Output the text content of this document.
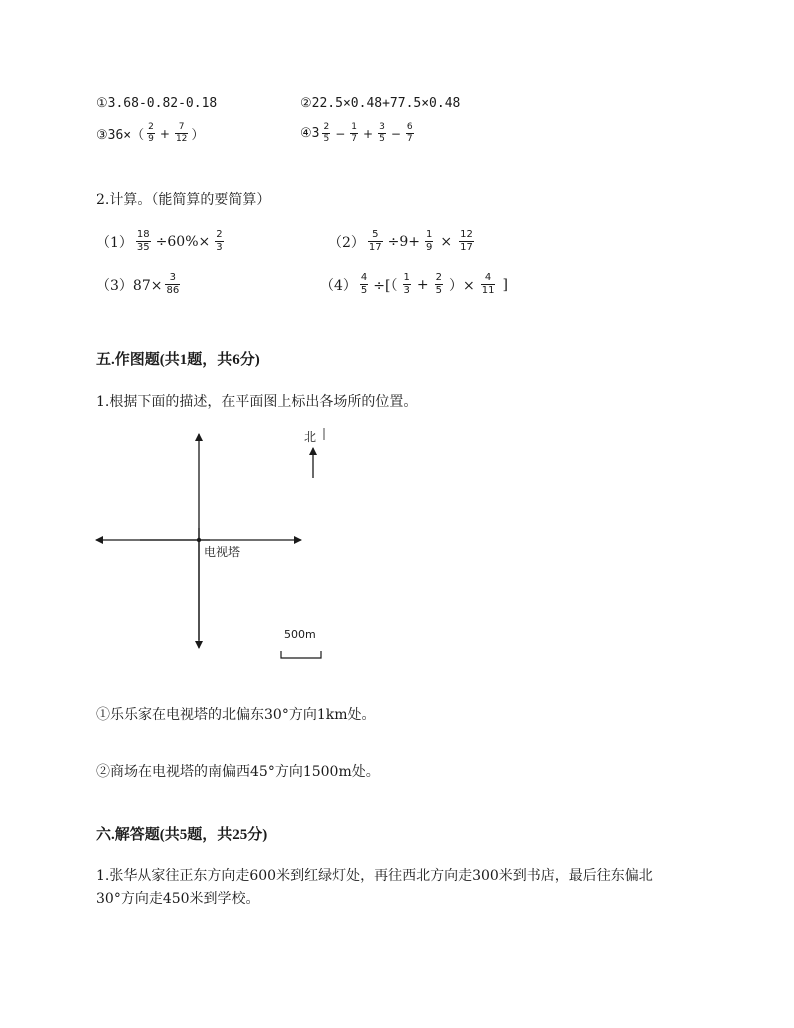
①3.68-0.82-0.18	②22.5×0.48+77.5×0.48
③36×（ $\frac{2}{9} + \frac{7}{12}$ ）	④3 $\frac{2}{5} - \frac{1}{7} + \frac{3}{5} - \frac{6}{7}$
2.计算。（能简算的要简算）
$(1) \frac{18}{35} \div 60\%\times \frac{2}{3}$	$(2) \frac{5}{17} \div 9+ \frac{1}{9} \times \frac{12}{17}$
$(3)87\times \frac{3}{86}$	$(4) \frac{4}{5}$ ÷[（ $\frac{1}{3} + \frac{2}{5}$ ）× $\frac{4}{11}$ ]
五.作图题(共1题，共6分)
1.根据下面的描述，在平面图上标出各场所的位置。
北
电视塔
500m
①乐乐家在电视塔的北偏东30°方向1km处。
②商场在电视塔的南偏西45°方向1500m处。
六.解答题(共5题，共25分)
1.张华从家往正东方向走600米到红绿灯处，再往西北方向走300米到书店，最后往东偏北
30°方向走450米到学校。
